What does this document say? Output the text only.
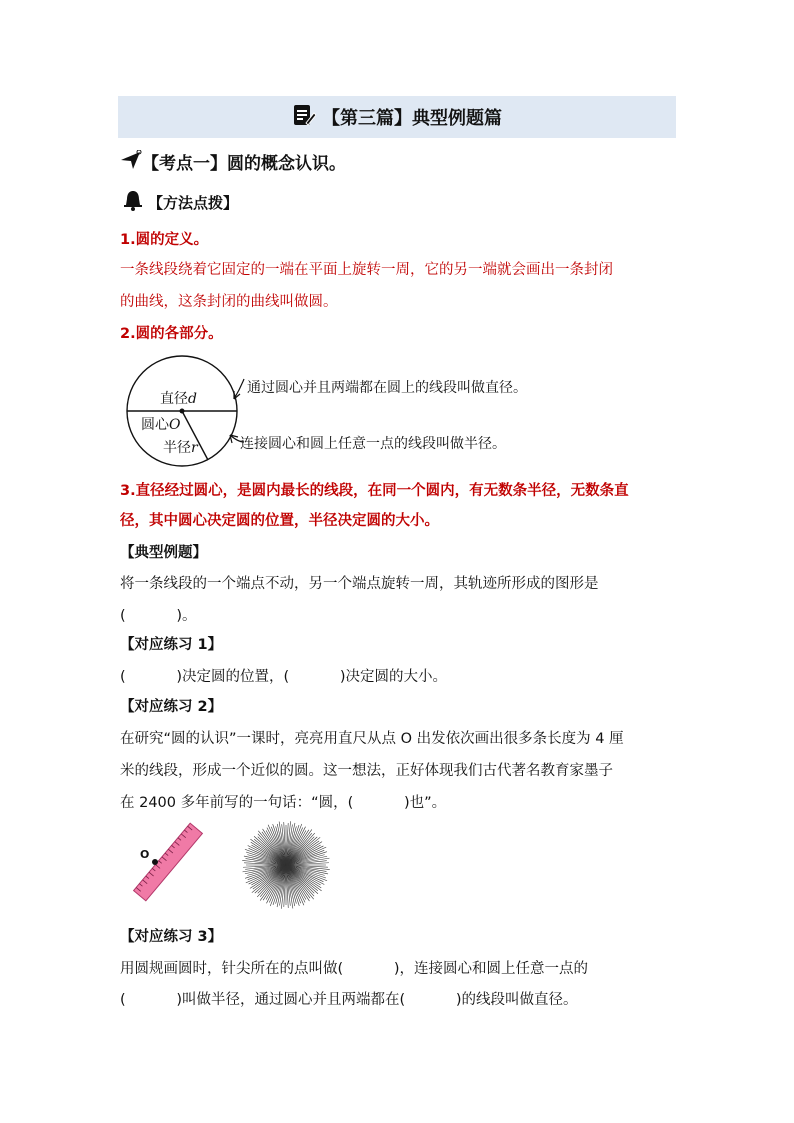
【第三篇】典型例题篇
【考点一】圆的概念认识。
【方法点拨】
1.圆的定义。
一条线段绕着它固定的一端在平面上旋转一周，它的另一端就会画出一条封闭
的曲线，这条封闭的曲线叫做圆。
2.圆的各部分。
直径d
圆心O
半径r
通过圆心并且两端都在圆上的线段叫做直径。
连接圆心和圆上任意一点的线段叫做半径。
3.直径经过圆心，是圆内最长的线段，在同一个圆内，有无数条半径，无数条直
径，其中圆心决定圆的位置，半径决定圆的大小。
【典型例题】
将一条线段的一个端点不动，另一个端点旋转一周，其轨迹所形成的图形是
(           )。
【对应练习 1】
(           )决定圆的位置，(           )决定圆的大小。
【对应练习 2】
在研究“圆的认识”一课时，亮亮用直尺从点 O 出发依次画出很多条长度为 4 厘
米的线段，形成一个近似的圆。这一想法，正好体现我们古代著名教育家墨子
在 2400 多年前写的一句话：“圆，(           )也”。
O
【对应练习 3】
用圆规画圆时，针尖所在的点叫做(           )，连接圆心和圆上任意一点的
(           )叫做半径，通过圆心并且两端都在(           )的线段叫做直径。
